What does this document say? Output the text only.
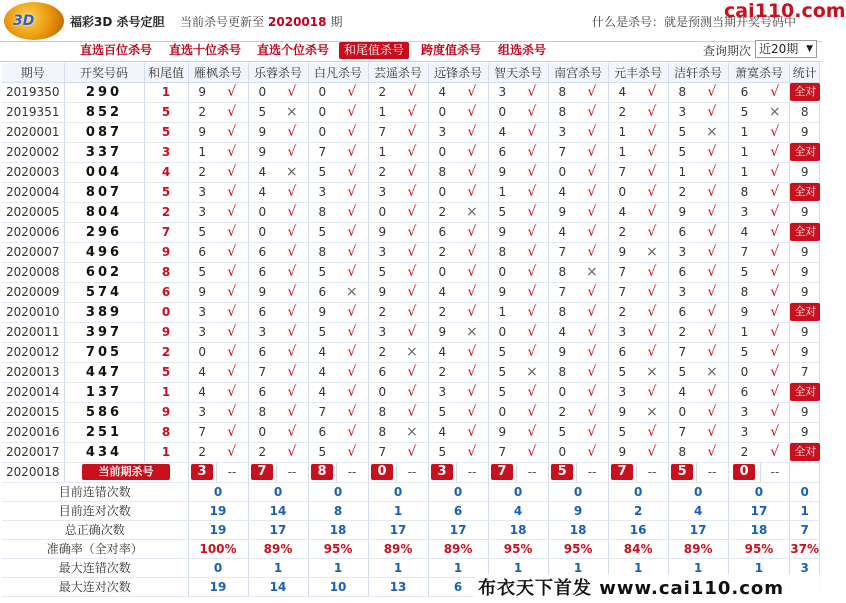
3D	福彩3D 杀号定胆 当前杀号更新至 2020018 期	什么是杀号：就是预测当期开奖号码中
cai110.com
直选百位杀号 直选十位杀号 直选个位杀号	和尾值杀号	跨度值杀号 组选杀号	查询期次 近20期 ▼
期号	开奖号码	和尾值	雁枫杀号		乐蓉杀号		白凡杀号		芸遥杀号		远锋杀号		智天杀号		南宫杀号		元丰杀号		洁轩杀号		萧寞杀号		统计
2019350	290	1	9	√	0	√	0	√	2	√	4	√	3	√	8	√	4	√	8	√	6	√	全对
2019351	852	5	2	√	5	×	0	√	1	√	0	√	0	√	8	√	2	√	3	√	5	×	8
2020001	087	5	9	√	9	√	0	√	7	√	3	√	4	√	3	√	1	√	5	×	1	√	9
2020002	337	3	1	√	9	√	7	√	1	√	0	√	6	√	7	√	1	√	5	√	1	√	全对
2020003	004	4	2	√	4	×	5	√	2	√	8	√	9	√	0	√	7	√	1	√	1	√	9
2020004	807	5	3	√	4	√	3	√	3	√	0	√	1	√	4	√	0	√	2	√	8	√	全对
2020005	804	2	3	√	0	√	8	√	0	√	2	×	5	√	9	√	4	√	9	√	3	√	9
2020006	296	7	5	√	0	√	5	√	9	√	6	√	9	√	4	√	2	√	6	√	4	√	全对
2020007	496	9	6	√	6	√	8	√	3	√	2	√	8	√	7	√	9	×	3	√	7	√	9
2020008	602	8	5	√	6	√	5	√	5	√	0	√	0	√	8	×	7	√	6	√	5	√	9
2020009	574	6	9	√	9	√	6	×	9	√	4	√	9	√	7	√	7	√	3	√	8	√	9
2020010	389	0	3	√	6	√	9	√	2	√	2	√	1	√	8	√	2	√	6	√	9	√	全对
2020011	397	9	3	√	3	√	5	√	3	√	9	×	0	√	4	√	3	√	2	√	1	√	9
2020012	705	2	0	√	6	√	4	√	2	×	4	√	5	√	9	√	6	√	7	√	5	√	9
2020013	447	5	4	√	7	√	4	√	6	√	2	√	5	×	8	√	5	×	5	×	0	√	7
2020014	137	1	4	√	6	√	4	√	0	√	3	√	5	√	0	√	3	√	4	√	6	√	全对
2020015	586	9	3	√	8	√	7	√	8	√	5	√	0	√	2	√	9	×	0	√	3	√	9
2020016	251	8	7	√	0	√	6	√	8	×	4	√	9	√	5	√	5	√	7	√	3	√	9
2020017	434	1	2	√	2	√	5	√	7	√	5	√	7	√	0	√	9	√	8	√	2	√	全对
2020018	当前期杀号		3	--	7	--	8	--	0	--	3	--	7	--	5	--	7	--	5	--	0	--	
目前连错次数			0		0		0		0		0		0		0		0		0		0		0
目前连对次数			19		14		8		1		6		4		9		2		4		17		1
总正确次数			19		17		18		17		17		18		18		16		17		18		7
准确率（全对率）			100%		89%		95%		89%		89%		95%		95%		84%		89%		95%		37%
最大连错次数			0		1		1		1		1		1		1		1		1		1		3
最大连对次数			19		14		10		13		6												布衣天下首发 www.cai110.com
